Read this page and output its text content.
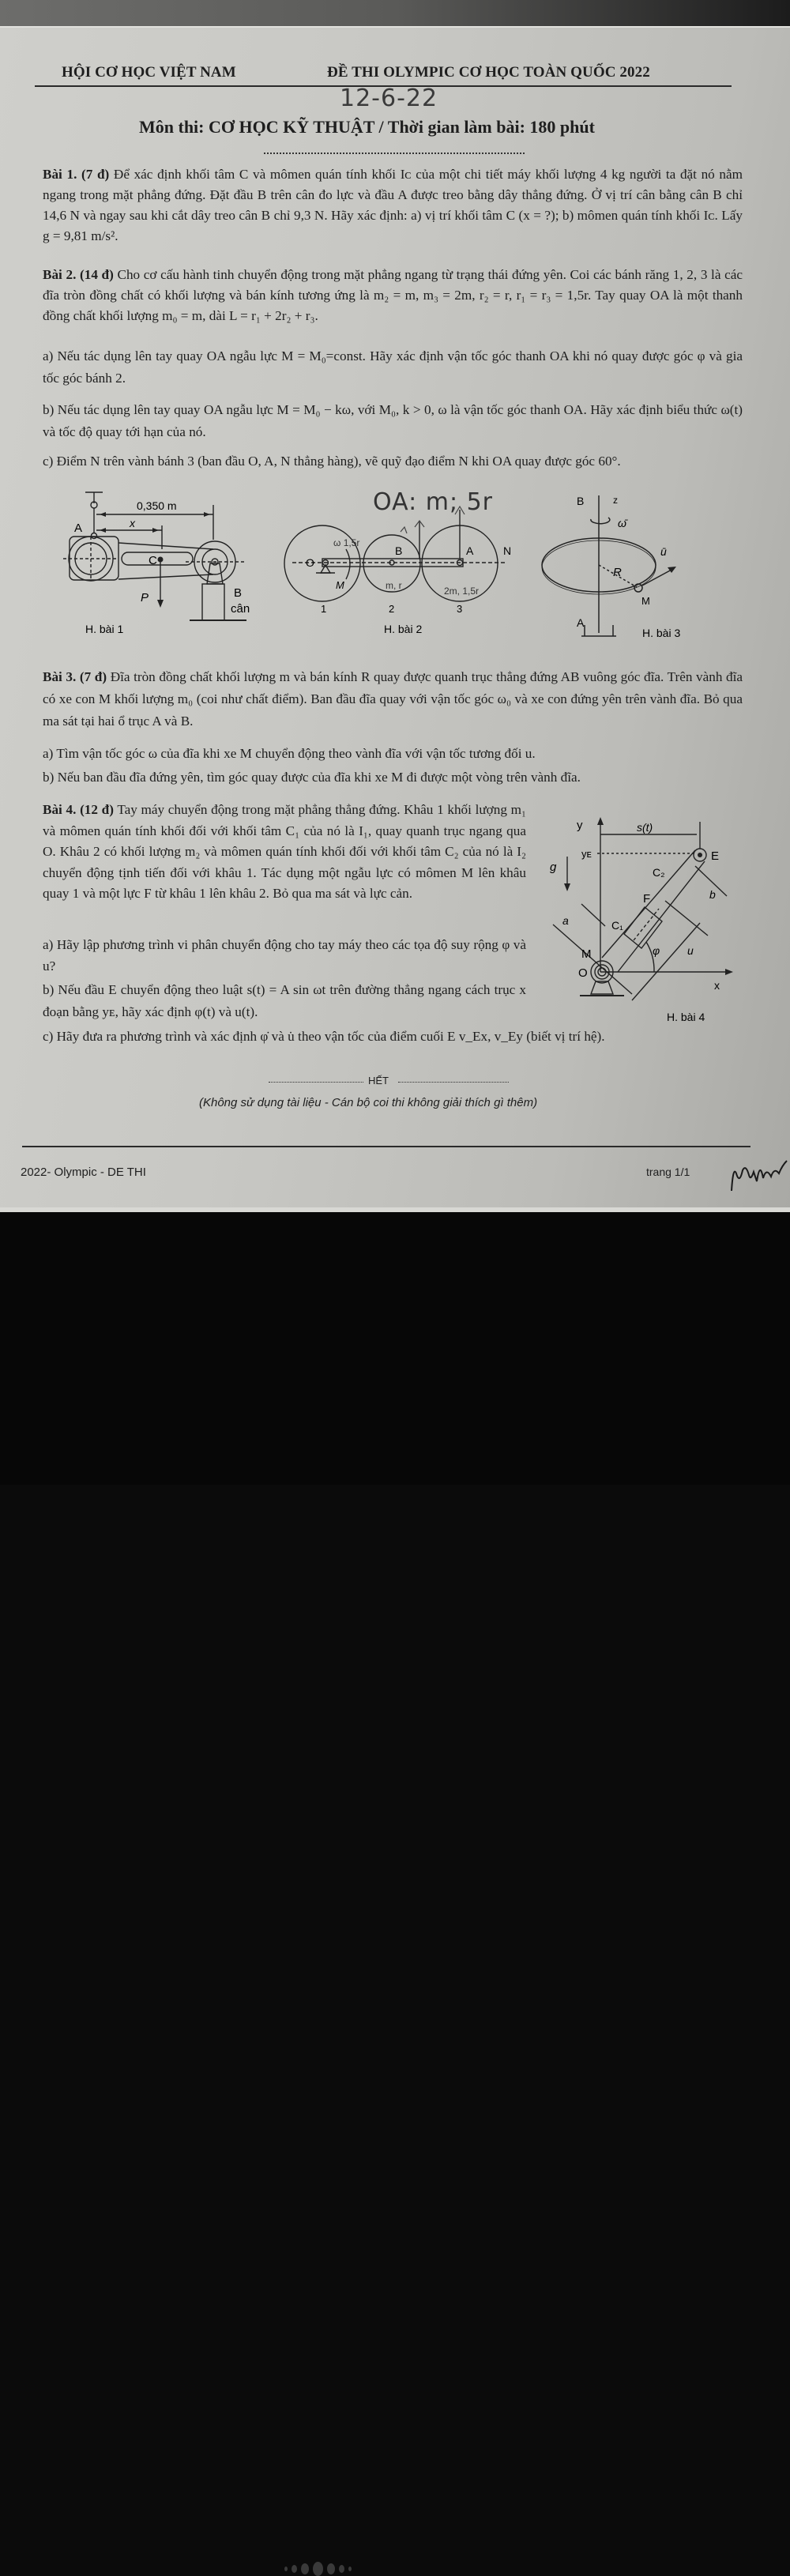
HỘI CƠ HỌC VIỆT NAM	ĐỀ THI OLYMPIC CƠ HỌC TOÀN QUỐC 2022
12-6-22
Môn thi: CƠ HỌC KỸ THUẬT / Thời gian làm bài: 180 phút
Bài 1. (7 đ) Để xác định khối tâm C và mômen quán tính khối Iᴄ của một chi tiết máy khối lượng 4 kg người ta đặt nó nằm ngang trong mặt phẳng đứng. Đặt đầu B trên cân đo lực và đầu A được treo bằng dây thẳng đứng. Ở vị trí cân bằng cân B chỉ 14,6 N và ngay sau khi cắt dây treo cân B chỉ 9,3 N. Hãy xác định: a) vị trí khối tâm C (x = ?); b) mômen quán tính khối Iᴄ. Lấy g = 9,81 m/s².
Bài 2. (14 đ) Cho cơ cấu hành tinh chuyển động trong mặt phẳng ngang từ trạng thái đứng yên. Coi các bánh răng 1, 2, 3 là các đĩa tròn đồng chất có khối lượng và bán kính tương ứng là m₂ = m, m₃ = 2m, r₂ = r, r₁ = r₃ = 1,5r. Tay quay OA là một thanh đồng chất khối lượng m₀ = m, dài L = r₁ + 2r₂ + r₃.
a) Nếu tác dụng lên tay quay OA ngẫu lực M = M₀=const. Hãy xác định vận tốc góc thanh OA khi nó quay được góc φ và gia tốc góc bánh 2.
b) Nếu tác dụng lên tay quay OA ngẫu lực M = M₀ − kω, với M₀, k > 0, ω là vận tốc góc thanh OA. Hãy xác định biểu thức ω(t) và tốc độ quay tới hạn của nó.
c) Điểm N trên vành bánh 3 (ban đầu O, A, N thẳng hàng), vẽ quỹ đạo điểm N khi OA quay được góc 60°.
0,350 m
x
A
C
P	B
cân
H. bài 1
OA: m; 5r
O
B	A	N
M
ω 1,5r
m, r	2m, 1,5r
1	2	3
H. bài 2
B	z
ω̄
ū
R
M
A
H. bài 3
Bài 3. (7 đ) Đĩa tròn đồng chất khối lượng m và bán kính R quay được quanh trục thẳng đứng AB vuông góc đĩa. Trên vành đĩa có xe con M khối lượng m₀ (coi như chất điểm). Ban đầu đĩa quay với vận tốc góc ω₀ và xe con đứng yên trên vành đĩa. Bỏ qua ma sát tại hai ổ trục A và B.
a) Tìm vận tốc góc ω của đĩa khi xe M chuyển động theo vành đĩa với vận tốc tương đối u.
b) Nếu ban đầu đĩa đứng yên, tìm góc quay được của đĩa khi xe M đi được một vòng trên vành đĩa.
Bài 4. (12 đ) Tay máy chuyển động trong mặt phẳng thẳng đứng. Khâu 1 khối lượng m₁ và mômen quán tính khối đối với khối tâm C₁ của nó là I₁, quay quanh trục ngang qua O. Khâu 2 có khối lượng m₂ và mômen quán tính khối đối với khối tâm C₂ của nó là I₂ chuyển động tịnh tiến đối với khâu 1. Tác dụng một ngẫu lực có mômen M lên khâu quay 1 và một lực F từ khâu 1 lên khâu 2. Bỏ qua ma sát và lực cản.
a) Hãy lập phương trình vi phân chuyển động cho tay máy theo các tọa độ suy rộng φ và u?
b) Nếu đầu E chuyển động theo luật s(t) = A sin ωt trên đường thẳng ngang cách trục x đoạn bằng yᴇ, hãy xác định φ(t) và u(t).
c) Hãy đưa ra phương trình và xác định φ̇ và u̇ theo vận tốc của điểm cuối E v_Ex, v_Ey (biết vị trí hệ).
y	s(t)
yᴇ	E
g	C₂
F	b
a	C₁
M	φ u
O
x
H. bài 4
HẾT
(Không sử dụng tài liệu - Cán bộ coi thi không giải thích gì thêm)
2022- Olympic - DE THI	trang 1/1
